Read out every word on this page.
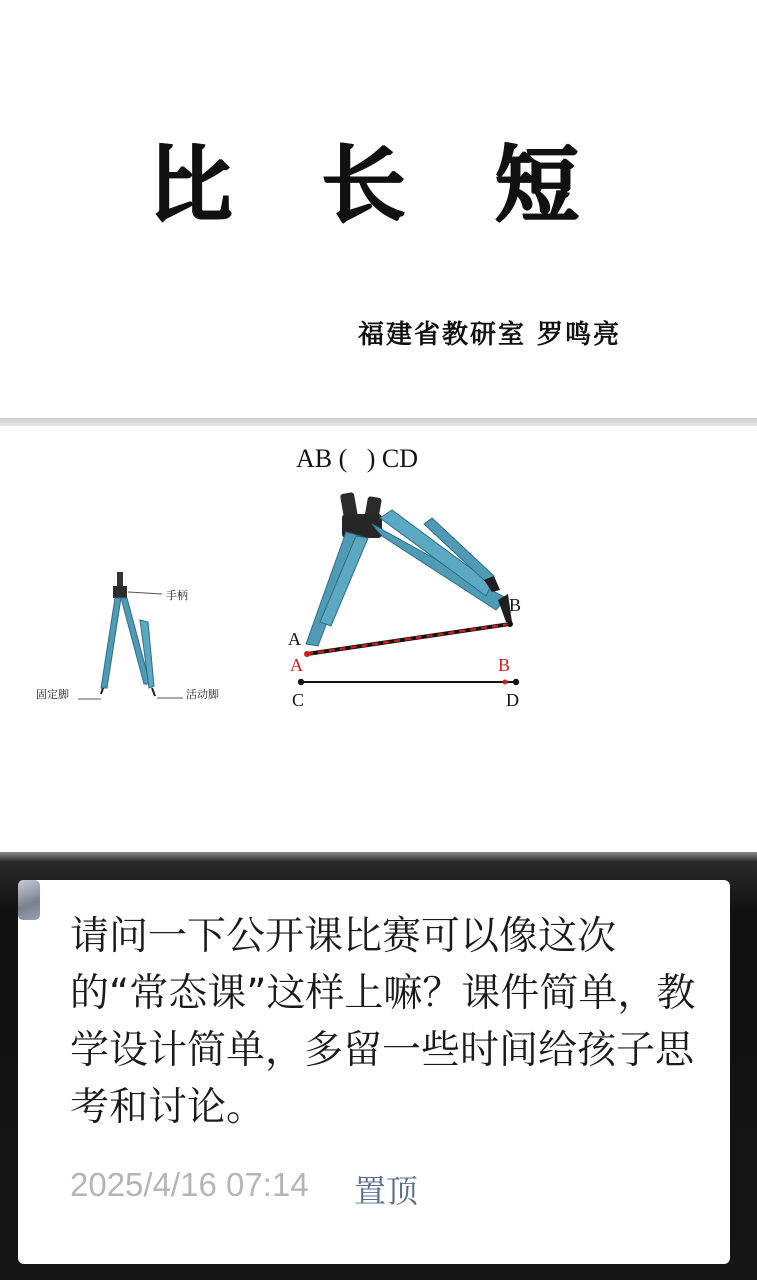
比 长 短
福建省教研室 罗鸣亮
手柄
固定脚	活动脚
A
B
A	B
C	D
AB (   ) CD
请问一下公开课比赛可以像这次的“常态课”这样上嘛？课件简单，教学设计简单，多留一些时间给孩子思考和讨论。
2025/4/16 07:14 置顶
